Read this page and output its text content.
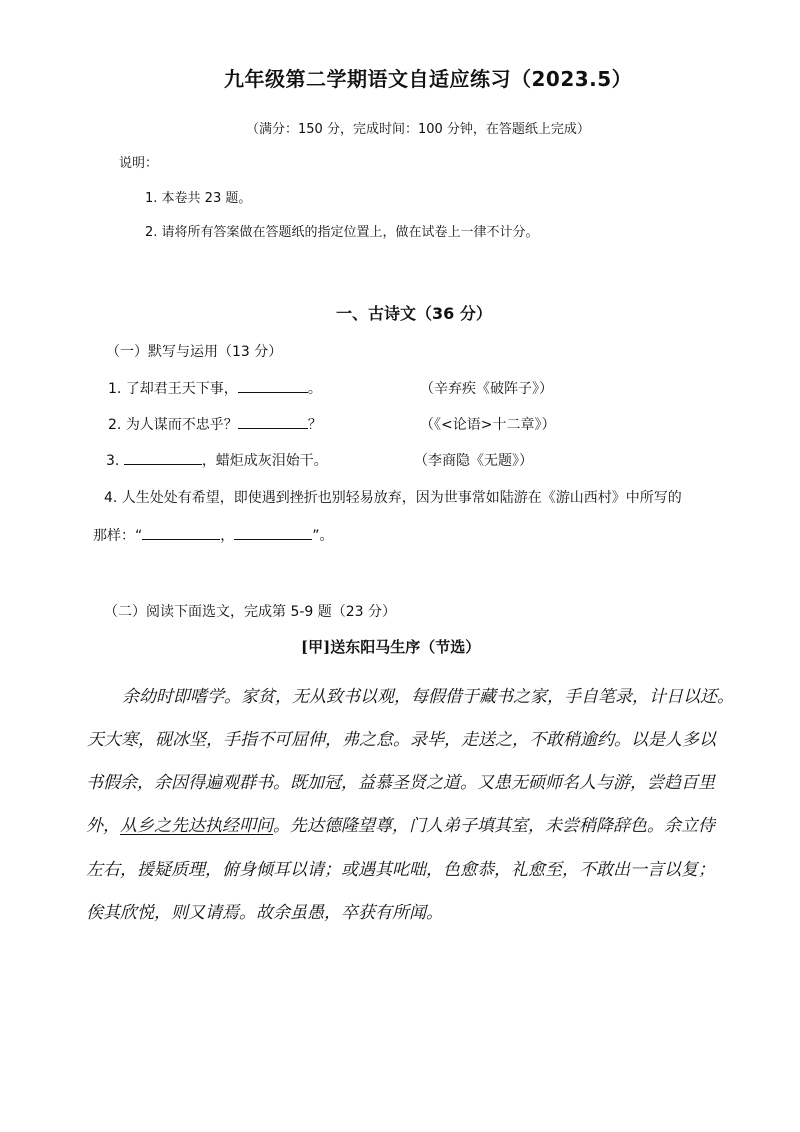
九年级第二学期语文自适应练习（2023.5）
（满分：150 分，完成时间：100 分钟，在答题纸上完成）
说明：
1. 本卷共 23 题。
2. 请将所有答案做在答题纸的指定位置上，做在试卷上一律不计分。
一、古诗文（36 分）
（一）默写与运用（13 分）
1. 了却君王天下事，	。	（辛弃疾《破阵子》）
2. 为人谋而不忠乎？	？	（《<论语>十二章》）
3.	，蜡炬成灰泪始干。	（李商隐《无题》）
4. 人生处处有希望，即使遇到挫折也别轻易放弃，因为世事常如陆游在《游山西村》中所写的
那样：“	，	”。
（二）阅读下面选文，完成第 5-9 题（23 分）
[甲]送东阳马生序（节选）
余幼时即嗜学。家贫，无从致书以观，每假借于藏书之家，手自笔录，计日以还。
天大寒，砚冰坚，手指不可屈伸，弗之怠。录毕，走送之，不敢稍逾约。以是人多以
书假余，余因得遍观群书。既加冠，益慕圣贤之道。又患无硕师名人与游，尝趋百里
外，从乡之先达执经叩问。先达德隆望尊，门人弟子填其室，未尝稍降辞色。余立侍
左右，援疑质理，俯身倾耳以请；或遇其叱咄，色愈恭，礼愈至，不敢出一言以复；
俟其欣悦，则又请焉。故余虽愚，卒获有所闻。
